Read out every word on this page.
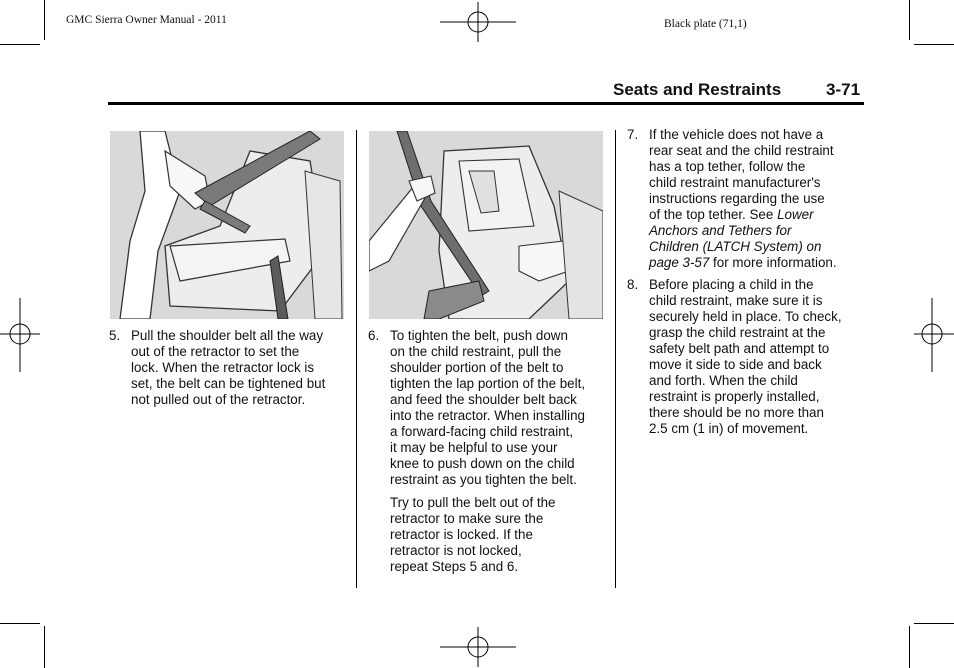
GMC Sierra Owner Manual - 2011	Black plate (71,1)
Seats and Restraints	3-71
5. Pull the shoulder belt all the way
out of the retractor to set the
lock. When the retractor lock is
set, the belt can be tightened but
not pulled out of the retractor.
6. To tighten the belt, push down
on the child restraint, pull the
shoulder portion of the belt to
tighten the lap portion of the belt,
and feed the shoulder belt back
into the retractor. When installing
a forward-facing child restraint,
it may be helpful to use your
knee to push down on the child
restraint as you tighten the belt.
Try to pull the belt out of the
retractor to make sure the
retractor is locked. If the
retractor is not locked,
repeat Steps 5 and 6.
7. If the vehicle does not have a
rear seat and the child restraint
has a top tether, follow the
child restraint manufacturer's
instructions regarding the use
of the top tether. See Lower
Anchors and Tethers for
Children (LATCH System) on
page 3-57 for more information.
8. Before placing a child in the
child restraint, make sure it is
securely held in place. To check,
grasp the child restraint at the
safety belt path and attempt to
move it side to side and back
and forth. When the child
restraint is properly installed,
there should be no more than
2.5 cm (1 in) of movement.
